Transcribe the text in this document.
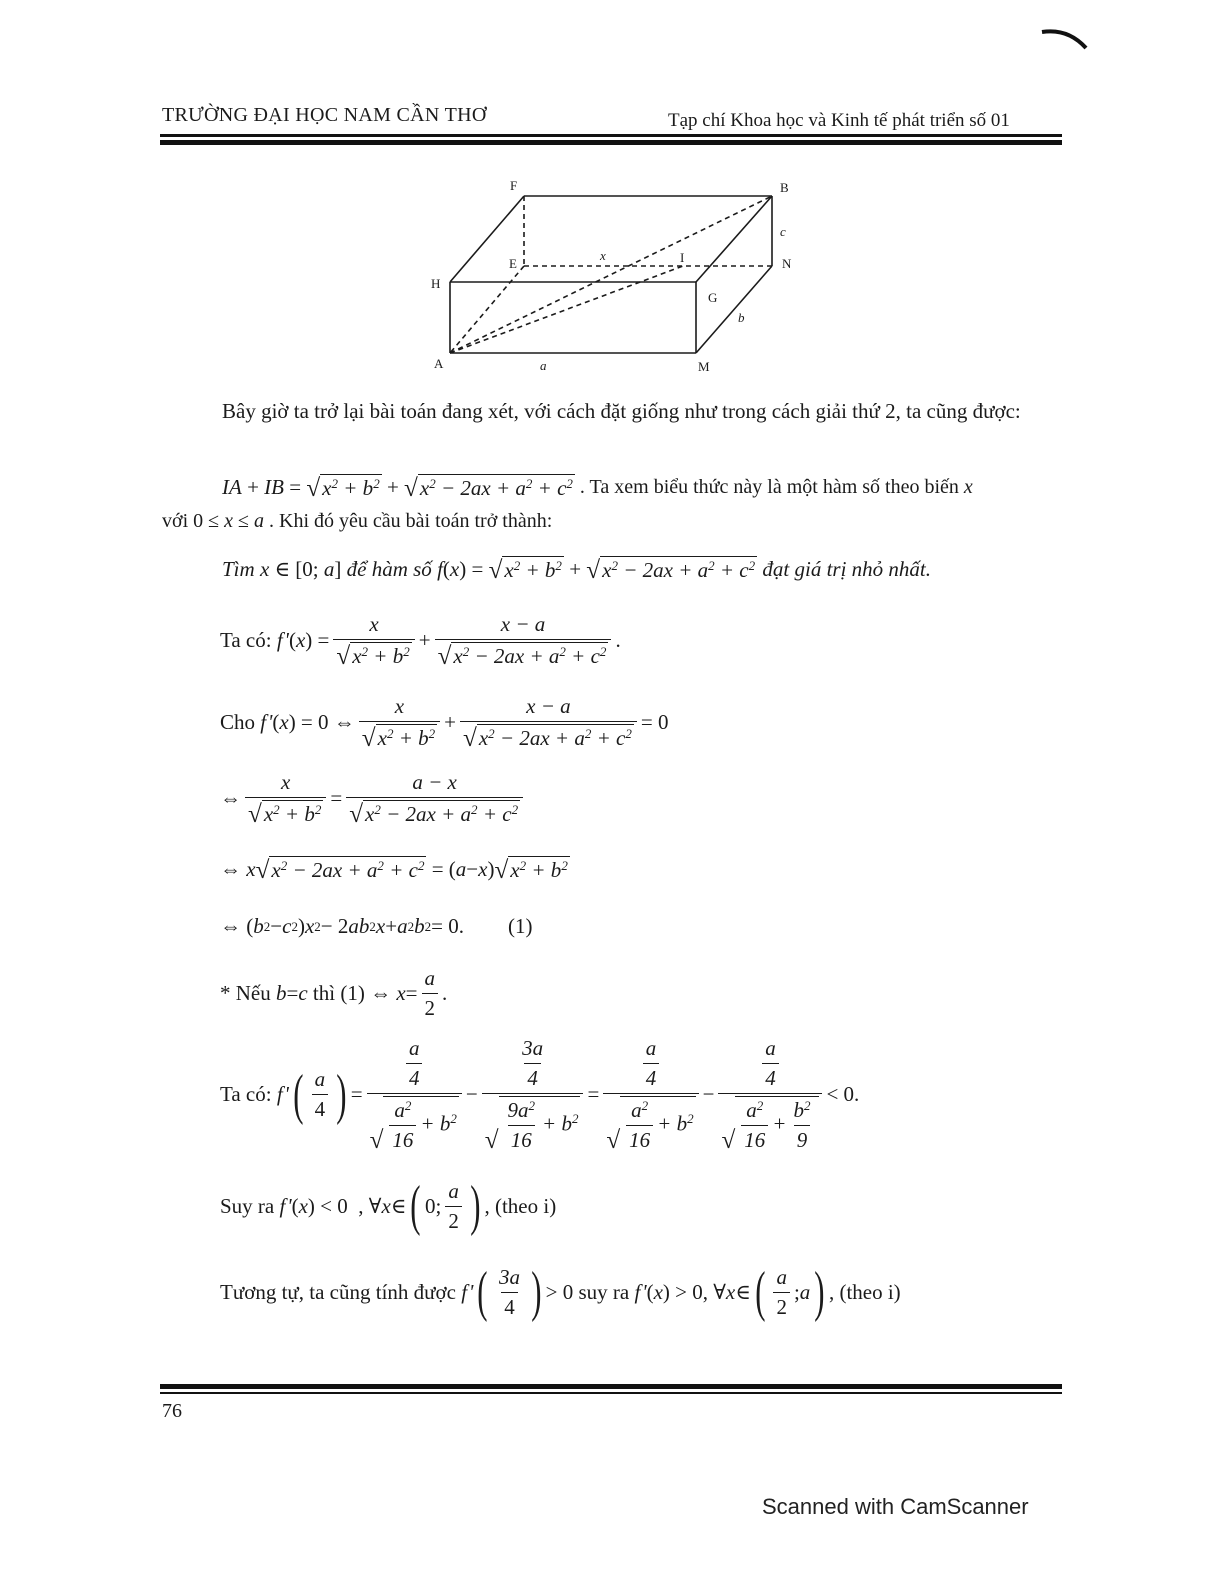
TRƯỜNG ĐẠI HỌC NAM CẦN THƠ	Tạp chí Khoa học và Kinh tế phát triển số 01
F	B
E	I	N
H
G
A	M
x
a
b
c
Bây giờ ta trở lại bài toán đang xét, với cách đặt giống như trong cách giải thứ 2, ta cũng được:
IA + IB = √ $x^2 + b^2$ + √ $x^2 - 2ax + a^2 + c^2$ . Ta xem biểu thức này là một hàm số theo biến x
với 0 ≤ x ≤ a
. Khi đó yêu cầu bài toán trở thành:
Tìm
x ∈ [0; a ] để hàm số
f ( x ) = √ $x^2 + b^2$ + √ $x^2 - 2ax + a^2 + c^2$
đạt giá trị nhỏ nhất.
Ta có:
f ' ( x ) = $\frac{x}{√ x^2 + b^2} + \frac{x - a}{√ x^2 - 2ax + a^2 + c^2}$ .
Cho
f ' ( x ) = 0 ⇔ $\frac{x}{√ x^2 + b^2} + \frac{x - a}{√ x^2 - 2ax + a^2 + c^2} = 0$
⇔ $\frac{x}{√ x^2 + b^2} = \frac{a - x}{√ x^2 - 2ax + a^2 + c^2}$
⇔ x √ $x^2 - 2ax + a^2 + c^2$ = ( a − x ) √ $x^2 + b^2$
⇔ ( b 2 − c 2 ) x 2 − 2 ab 2 x + a 2 b 2 = 0. (1)
* Nếu
b = c
thì (1) ⇔ $x = \frac{a}{2}$ .
Ta có:
f ' ( $\frac{a}{4}$ ) = $\frac{\frac{a}{4}}{√ \frac{a^2}{16} + b^2} - \frac{\frac{3a}{4}}{√ \frac{9a^2}{16} + b^2} = \frac{\frac{a}{4}}{√ \frac{a^2}{16} + b^2} - \frac{\frac{a}{4}}{√ \frac{a^2}{16} + \frac{b^2}{9}} < 0$.
Suy ra
f ' ( x ) < 0  , ∀ x ∈ ( 0; $\frac{a}{2}$ ) , (theo i)
Tương tự, ta cũng tính được
f ' ( $\frac{3a}{4}$ ) > 0 suy ra
f ' ( x ) > 0, ∀ x ∈ ( $\frac{a}{2}$ ; a ) , (theo i)
76
Scanned with CamScanner
